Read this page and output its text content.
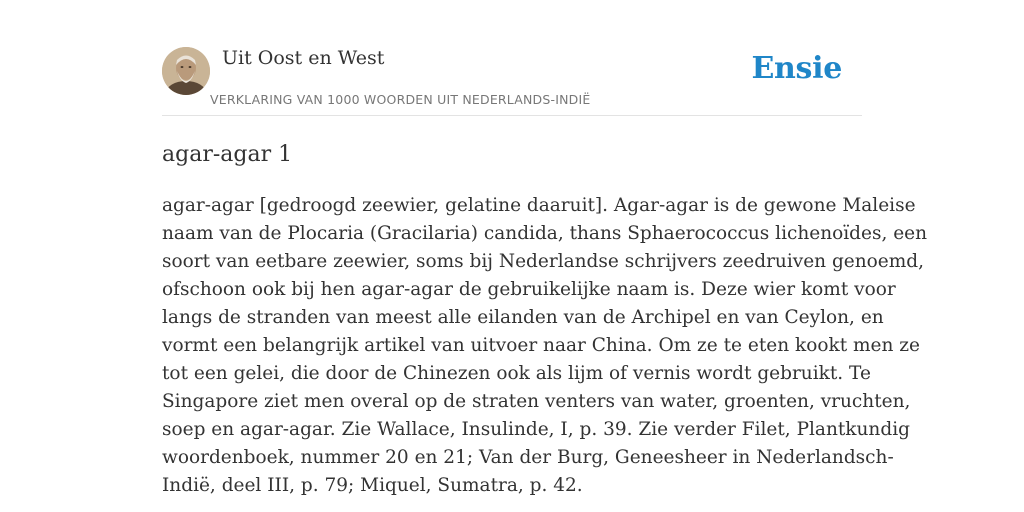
Uit Oost en West
VERKLARING VAN 1000 WOORDEN UIT NEDERLANDS-INDIË
Ensie
agar-agar 1

agar-agar [gedroogd zeewier, gelatine daaruit]. Agar-agar is de gewone Maleise
naam van de Plocaria (Gracilaria) candida, thans Sphaerococcus lichenoïdes, een
soort van eetbare zeewier, soms bij Nederlandse schrijvers zeedruiven genoemd,
ofschoon ook bij hen agar-agar de gebruikelijke naam is. Deze wier komt voor
langs de stranden van meest alle eilanden van de Archipel en van Ceylon, en
vormt een belangrijk artikel van uitvoer naar China. Om ze te eten kookt men ze
tot een gelei, die door de Chinezen ook als lijm of vernis wordt gebruikt. Te
Singapore ziet men overal op de straten venters van water, groenten, vruchten,
soep en agar-agar. Zie Wallace, Insulinde, I, p. 39. Zie verder Filet, Plantkundig
woordenboek, nummer 20 en 21; Van der Burg, Geneesheer in Nederlandsch-
Indië, deel III, p. 79; Miquel, Sumatra, p. 42.
